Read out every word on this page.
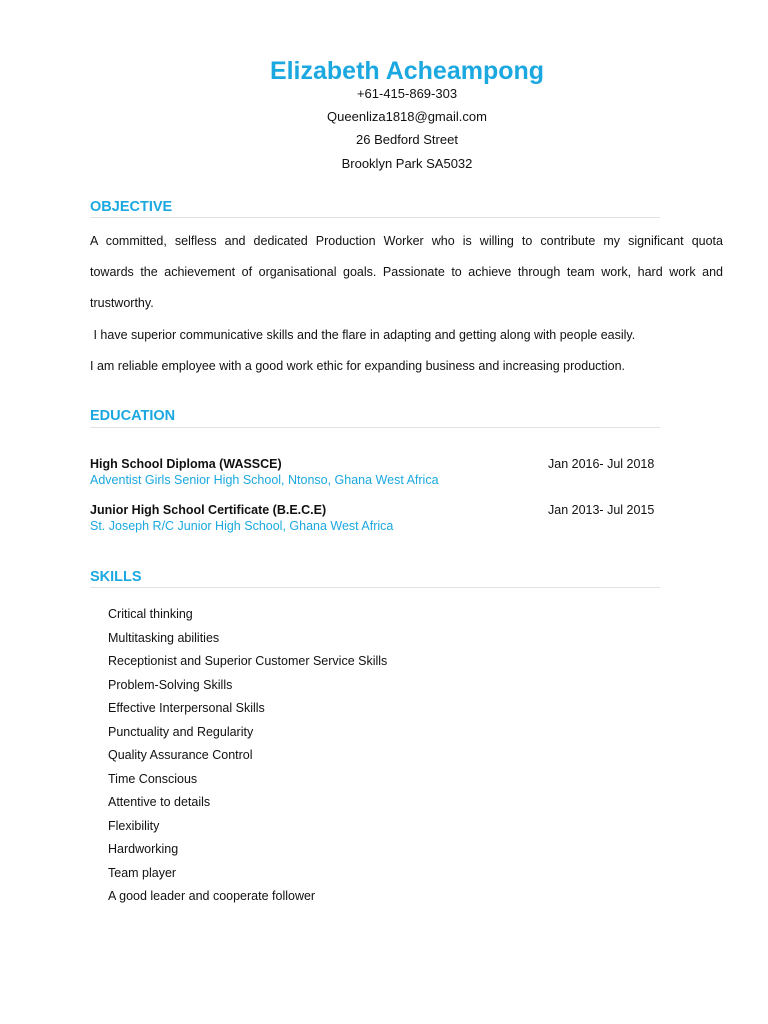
Elizabeth Acheampong
+61-415-869-303
Queenliza1818@gmail.com
26 Bedford Street
Brooklyn Park SA5032
OBJECTIVE
A committed, selfless and dedicated Production Worker who is willing to contribute my significant quota
towards the achievement of organisational goals. Passionate to achieve through team work, hard work and
trustworthy.
I have superior communicative skills and the flare in adapting and getting along with people easily.
I am reliable employee with a good work ethic for expanding business and increasing production.
EDUCATION
High School Diploma (WASSCE)	Jan 2016- Jul 2018
Adventist Girls Senior High School, Ntonso, Ghana West Africa
Junior High School Certificate (B.E.C.E)	Jan 2013- Jul 2015
St. Joseph R/C Junior High School, Ghana West Africa
SKILLS
Critical thinking
Multitasking abilities
Receptionist and Superior Customer Service Skills
Problem-Solving Skills
Effective Interpersonal Skills
Punctuality and Regularity
Quality Assurance Control
Time Conscious
Attentive to details
Flexibility
Hardworking
Team player
A good leader and cooperate follower
